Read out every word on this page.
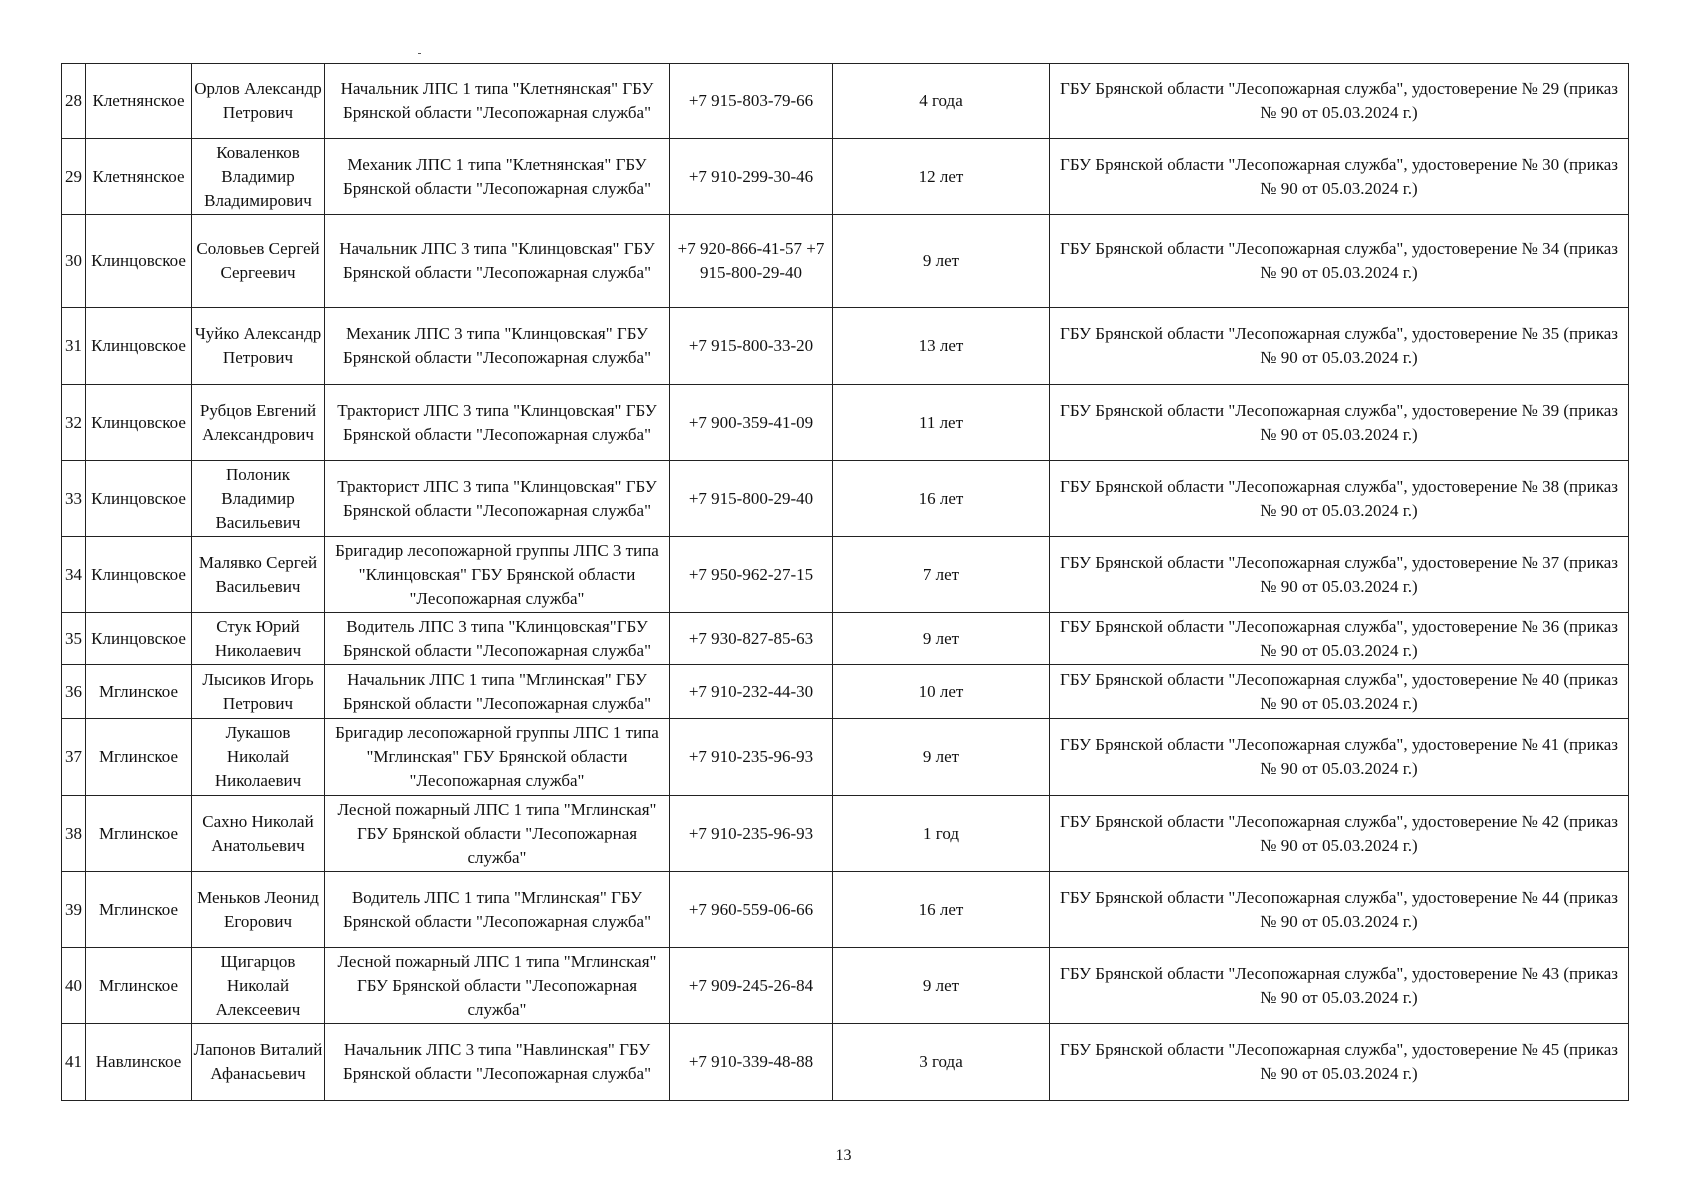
28	Клетнянское	Орлов Александр Петрович	Начальник ЛПС 1 типа "Клетнянская" ГБУ Брянской области "Лесопожарная служба"	+7 915-803-79-66	4 года	ГБУ Брянской области "Лесопожарная служба", удостоверение № 29 (приказ № 90 от 05.03.2024 г.)
29	Клетнянское	Коваленков Владимир Владимирович	Механик ЛПС 1 типа "Клетнянская" ГБУ Брянской области "Лесопожарная служба"	+7 910-299-30-46	12 лет	ГБУ Брянской области "Лесопожарная служба", удостоверение № 30 (приказ № 90 от 05.03.2024 г.)
30	Клинцовское	Соловьев Сергей Сергеевич	Начальник ЛПС 3 типа "Клинцовская" ГБУ Брянской области "Лесопожарная служба"	+7 920-866-41-57 +7 915-800-29-40	9 лет	ГБУ Брянской области "Лесопожарная служба", удостоверение № 34 (приказ № 90 от 05.03.2024 г.)
31	Клинцовское	Чуйко Александр Петрович	Механик ЛПС 3 типа "Клинцовская" ГБУ Брянской области "Лесопожарная служба"	+7 915-800-33-20	13 лет	ГБУ Брянской области "Лесопожарная служба", удостоверение № 35 (приказ № 90 от 05.03.2024 г.)
32	Клинцовское	Рубцов Евгений Александрович	Тракторист ЛПС 3 типа "Клинцовская" ГБУ Брянской области "Лесопожарная служба"	+7 900-359-41-09	11 лет	ГБУ Брянской области "Лесопожарная служба", удостоверение № 39 (приказ № 90 от 05.03.2024 г.)
33	Клинцовское	Полоник Владимир Васильевич	Тракторист ЛПС 3 типа "Клинцовская" ГБУ Брянской области "Лесопожарная служба"	+7 915-800-29-40	16 лет	ГБУ Брянской области "Лесопожарная служба", удостоверение № 38 (приказ № 90 от 05.03.2024 г.)
34	Клинцовское	Малявко Сергей Васильевич	Бригадир лесопожарной группы ЛПС 3 типа "Клинцовская" ГБУ Брянской области "Лесопожарная служба"	+7 950-962-27-15	7 лет	ГБУ Брянской области "Лесопожарная служба", удостоверение № 37 (приказ № 90 от 05.03.2024 г.)
35	Клинцовское	Стук Юрий Николаевич	Водитель ЛПС 3 типа "Клинцовская"ГБУ Брянской области "Лесопожарная служба"	+7 930-827-85-63	9 лет	ГБУ Брянской области "Лесопожарная служба", удостоверение № 36 (приказ № 90 от 05.03.2024 г.)
36	Мглинское	Лысиков Игорь Петрович	Начальник ЛПС 1 типа "Мглинская" ГБУ Брянской области "Лесопожарная служба"	+7 910-232-44-30	10 лет	ГБУ Брянской области "Лесопожарная служба", удостоверение № 40 (приказ № 90 от 05.03.2024 г.)
37	Мглинское	Лукашов Николай Николаевич	Бригадир лесопожарной группы ЛПС 1 типа "Мглинская" ГБУ Брянской области "Лесопожарная служба"	+7 910-235-96-93	9 лет	ГБУ Брянской области "Лесопожарная служба", удостоверение № 41 (приказ № 90 от 05.03.2024 г.)
38	Мглинское	Сахно Николай Анатольевич	Лесной пожарный ЛПС 1 типа "Мглинская" ГБУ Брянской области "Лесопожарная служба"	+7 910-235-96-93	1 год	ГБУ Брянской области "Лесопожарная служба", удостоверение № 42 (приказ № 90 от 05.03.2024 г.)
39	Мглинское	Меньков Леонид Егорович	Водитель ЛПС 1 типа "Мглинская" ГБУ Брянской области "Лесопожарная служба"	+7 960-559-06-66	16 лет	ГБУ Брянской области "Лесопожарная служба", удостоверение № 44 (приказ № 90 от 05.03.2024 г.)
40	Мглинское	Щигарцов Николай Алексеевич	Лесной пожарный ЛПС 1 типа "Мглинская" ГБУ Брянской области "Лесопожарная служба"	+7 909-245-26-84	9 лет	ГБУ Брянской области "Лесопожарная служба", удостоверение № 43 (приказ № 90 от 05.03.2024 г.)
41	Навлинское	Лапонов Виталий Афанасьевич	Начальник ЛПС 3 типа "Навлинская" ГБУ Брянской области "Лесопожарная служба"	+7 910-339-48-88	3 года	ГБУ Брянской области "Лесопожарная служба", удостоверение № 45 (приказ № 90 от 05.03.2024 г.)
13
